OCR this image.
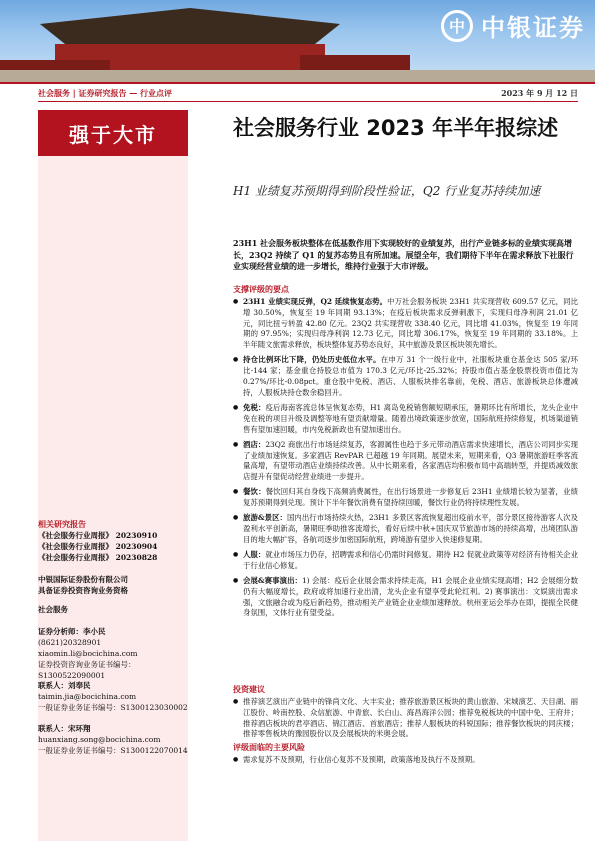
中 中银证券
社会服务 | 证券研究报告 — 行业点评	2023 年 9 月 12 日
强于大市
相关研究报告
《社会服务行业周报》 20230910
《社会服务行业周报》 20230904
《社会服务行业周报》 20230828
中银国际证券股份有限公司
具备证券投资咨询业务资格
社会服务
证券分析师：李小民
(8621)20328901
xiaomin.li@bocichina.com
证券投资咨询业务证书编号：S1300522090001
联系人：刘奉民
taimin.jia@bocichina.com
一般证券业务证书编号：S1300123030002
联系人：宋环翔
huanxiang.song@bocichina.com
一般证券业务证书编号：S1300122070014
社会服务行业 2023 年半年报综述
H1 业绩复苏预期得到阶段性验证，Q2 行业复苏持续加速
23H1 社会服务板块整体在低基数作用下实现较好的业绩复苏，出行产业链多标的业绩实现高增长，23Q2 持续了 Q1 的复苏态势且有所加速。展望全年，我们期待下半年在需求释放下社服行业实现经营业绩的进一步增长，维持行业强于大市评级。
支撑评级的要点

● 23H1 业绩实现反弹，Q2 延续恢复态势。中万社会服务板块 23H1 共实现营收 609.57 亿元，同比增 30.50%，恢复至 19 年同期 93.13%；在疫后板块需求反弹刺激下，实现归母净利润 21.01 亿元，同比扭亏转盈 42.80 亿元。23Q2 共实现营收 338.40 亿元，同比增 41.03%，恢复至 19 年同期的 97.95%；实现归母净利润 12.73 亿元，同比增 306.17%，恢复至 19 年同期的 33.18%。上半年随文旅需求释放，板块整体复苏势态良好，其中旅游及景区板块领先增长。

● 持仓比例环比下降，仍处历史低位水平。在申万 31 个一级行业中，社服板块重仓基金达 505 家/环比-144 家；基金重仓持股总市值为 170.3 亿元/环比-25.32%；持股市值占基金股票投资市值比为 0.27%/环比-0.08pct。重仓股中免税、酒店、人服板块排名靠前，免税、酒店、旅游板块总体遭减持，人服板块持仓数余稳回升。

● 免税：疫后海南客流总体呈恢复态势，H1 离岛免税销售额短期承压，暑期环比有所增长，龙头企业中免在税的项目升级及调整等地有望贡献增量。随着出境政策逐步放宽，国际航班持续修复，机场渠道销售有望加速回暖，市内免税新政也有望加速出台。

● 酒店：23Q2 商旅出行市场延续复苏，客源属性也趋于多元带动酒店需求快速增长，酒店公司同步实现了业绩加速恢复。多家酒店 RevPAR 已超越 19 年同期。展望未来，短期来看，Q3 暑期旅游旺季客流量高增，有望带动酒店业绩持续改善。从中长期来看，各家酒店均积极布局中高端转型，并提质减效旅店提升有望促动经营业绩进一步提升。

● 餐饮：餐饮回归其自身线下高频消费属性，在出行场景进一步修复后 23H1 业绩增长较为显著，业绩复苏预期得到兑现。预计下半年餐饮消费有望持续回暖，餐饮行业仍将持续理性发展。

● 旅游&景区：国内出行市场持续火热，23H1 多景区客流恢复超出疫前水平，部分景区接待游客人次及盈利水平创新高，暑期旺季助推客流增长，看好后续中秋+国庆双节旅游市场的持续高增，出境团队游目的地大幅扩容，各航司逐步加密国际航班，跨境游有望步入快速修复期。

● 人服：就业市场压力仍存，招聘需求和信心仍需时间修复。期待 H2 促就业政策等对经济有待相关企业于行业信心修复。

● 会展&赛事演出：1) 会展：疫后企业展会需求持续走高，H1 会展企业业绩实现高增；H2 会展细分数仍有大幅度增长，政府或将加速行业出清，龙头企业有望享受此轮红利。2) 赛事演出：文娱演出需求强，文旅融合或为疫后新趋势，推动相关产业链企业业绩加速释放。杭州亚运会举办在即，提振全民健身氛围，文体行业有望受益。

投资建议

● 推荐演艺演出产业链中的锋尚文化、大丰实业；推荐旅游景区板块的黄山旅游、宋城演艺、天目湖、丽江股份、岭南控股、众信旅游、中青旅、长白山、海昌海洋公园；推荐免税板块的中国中免、王府井；推荐酒店板块的君亭酒店、锦江酒店、首旅酒店；推荐人服板块的科锐国际；推荐餐饮板块的同庆楼；推荐零售板块的豫园股份以及会展板块的米奥会展。

评级面临的主要风险

● 需求复苏不及预期，行业信心复苏不及预期，政策落地及执行不及预期。
